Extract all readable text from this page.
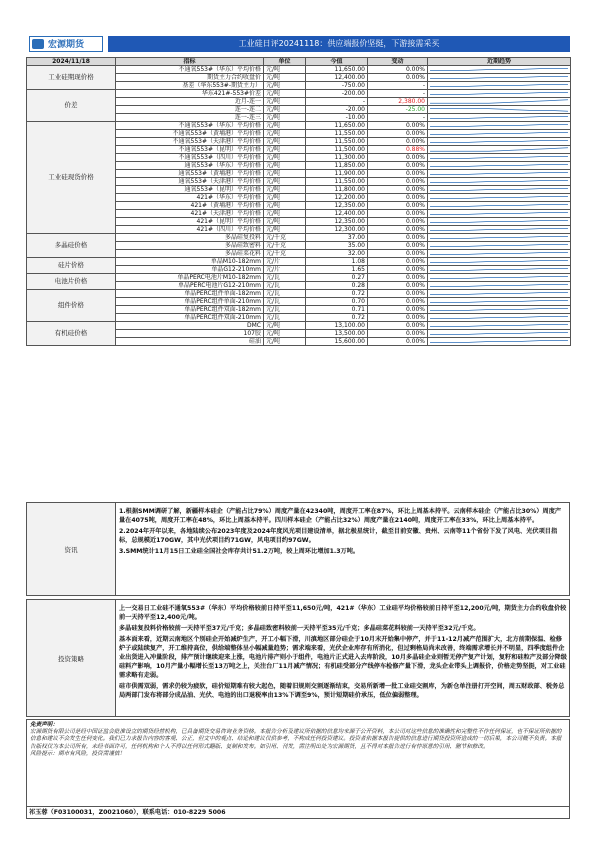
宏源期货	工业硅日评20241118：供应端报价坚挺，下游接需采买
2024/11/18	指标	单位	今值	变动	近期趋势
工业硅期现价格	不通氧553#（华东）平均价格	元/吨	11,650.00	0.00%	

	期货主力合约收盘价	元/吨	12,400.00	0.00%	

	基差（华东553#-期货主力）	元/吨	-750.00	-	

价差	华东421#-553#价差	元/吨	-200.00	-	

	近月-连一	元/吨	-	2,380.00	

	连一-连二	元/吨	-20.00	-25.00	

	连一-连三	元/吨	-10.00	-	

工业硅现货价格	不通氧553#（华东）平均价格	元/吨	11,650.00	0.00%	

	不通氧553#（黄埔港）平均价格	元/吨	11,550.00	0.00%	

	不通氧553#（天津港）平均价格	元/吨	11,550.00	0.00%	

	不通氧553#（昆明）平均价格	元/吨	11,500.00	0.88%	

	不通氧553#（四川）平均价格	元/吨	11,300.00	0.00%	

	通氧553#（华东）平均价格	元/吨	11,850.00	0.00%	

	通氧553#（黄埔港）平均价格	元/吨	11,900.00	0.00%	

	通氧553#（天津港）平均价格	元/吨	11,550.00	0.00%	

	通氧553#（昆明）平均价格	元/吨	11,800.00	0.00%	

	421#（华东）平均价格	元/吨	12,200.00	0.00%	

	421#（黄埔港）平均价格	元/吨	12,350.00	0.00%	

	421#（天津港）平均价格	元/吨	12,400.00	0.00%	

	421#（昆明）平均价格	元/吨	12,350.00	0.00%	

	421#（四川）平均价格	元/吨	12,300.00	0.00%	

多晶硅价格	多晶硅复投料	元/千克	37.00	0.00%	

	多晶硅致密料	元/千克	35.00	0.00%	

	多晶硅菜花料	元/千克	32.00	0.00%	

硅片价格	单晶M10-182mm	元/片	1.08	0.00%	

	单晶G12-210mm	元/片	1.65	0.00%	

电池片价格	单晶PERC电池片M10-182mm	元/瓦	0.27	0.00%	

	单晶PERC电池片G12-210mm	元/瓦	0.28	0.00%	

组件价格	单晶PERC组件单面-182mm	元/瓦	0.72	0.00%	

	单晶PERC组件单面-210mm	元/瓦	0.70	0.00%	

	单晶PERC组件双面-182mm	元/瓦	0.71	0.00%	

	单晶PERC组件双面-210mm	元/瓦	0.72	0.00%	

有机硅价格	DMC	元/吨	13,100.00	0.00%	

	107胶	元/吨	13,500.00	0.00%	

	硅油	元/吨	15,600.00	0.00%	
资讯

1.根据SMM调研了解，新疆样本硅企（产能占比79%）周度产量在42340吨，周度开工率在87%，环比上周基本持平。云南样本硅企（产能占比30%）周度产量在4075吨，周度开工率在48%，环比上周基本持平。四川样本硅企（产能占比32%）周度产量在2140吨，周度开工率在33%，环比上周基本持平。

2.2024年开年以来，各地陆续公布2023年度及2024年度风光项目建设清单，据北极星统计，截至目前安徽、贵州、云南等11个省份下发了风电、光伏项目指标，总规模近170GW，其中光伏项目约71GW，风电项目约97GW。

3.SMM统计11月15日工业硅全国社会库存共计51.2万吨，较上周环比增加1.3万吨。

投资策略

上一交易日工业硅不通氧553#（华东）平均价格较前日持平至11,650元/吨，421#（华东）工业硅平均价格较前日持平至12,200元/吨，期货主力合约收盘价较前一天持平至12,400元/吨。

多晶硅复投料价格较前一天持平至37元/千克；多晶硅致密料较前一天持平至35元/千克；多晶硅菜花料较前一天持平至32元/千克。

基本面来看，近期云南地区个别硅企开始减炉生产，开工小幅下滑，川滇地区部分硅企于10月末开始集中停产，并于11-12月减产范围扩大，北方前期保温、检修炉子或陆续复产，开工维持高位，供给端整体呈小幅减量趋势；需求端来看，光伏企业库存有所消化，但过剩格局尚未改善，终端需求增长并不明显，四季度组件企业出货进入冲量阶段，排产预计继续迎来上涨，电池片排产则小于组件，电池片正式进入去库阶段，10月多晶硅企业则暂无停产复产计划，复籽和硅粒产及部分降级硅料产影响，10月产量小幅增长至13万吨之上，关注台厂11月减产情况；有机硅受部分产线停车检修产量下滑，龙头企业带头上调报价，价格走势坚挺，对工业硅需求略有走弱。

硅市供需双弱，需求仍较为疲软，硅价短期难有较大起色，随着旧规则交割逐渐结束，交易所新增一批工业硅交割库，为新仓单注册打开空间，周五财政部、税务总局两部门发布将部分成品油、光伏、电池的出口退税率由13%下调至9%，预计短期硅价承压，低位偏弱整理。

免责声明：
宏源期货有限公司是经中国证监会批准设立的期货经营机构，已具备期货交易咨询业务资格。本报告分析及建议所依据的信息均来源于公开资料，本公司对这些信息的准确性和完整性不作任何保证，也不保证所依据的信息和建议不会发生任何变化。我们已力求报告内容的客观、公正，但文中的观点、结论和建议仅供参考，不构成任何投资建议。投资者依据本报告提供的信息进行期货投资所造成的一切后果，本公司概不负责。本报告版权仅为本公司所有，未经书面许可，任何机构和个人不得以任何形式翻版、复制和发布。如引用、刊发，需注明出处为宏源期货，且不得对本报告进行有悖原意的引用、删节和修改。
风险提示：期市有风险，投资需谨慎！
祁玉蓉（F03100031，Z0021060），联系电话：010-8229 5006
